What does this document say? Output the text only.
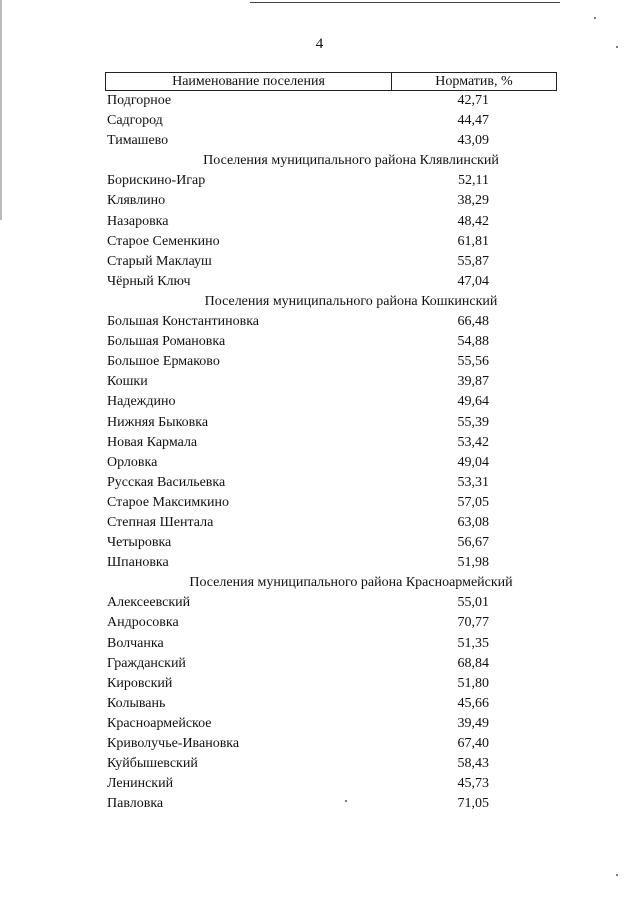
4
Наименование поселения	Норматив, %
Подгорное	42,71
Садгород	44,47
Тимашево	43,09
Поселения муниципального района Клявлинский
Борискино-Игар	52,11
Клявлино	38,29
Назаровка	48,42
Старое Семенкино	61,81
Старый Маклауш	55,87
Чёрный Ключ	47,04
Поселения муниципального района Кошкинский
Большая Константиновка	66,48
Большая Романовка	54,88
Большое Ермаково	55,56
Кошки	39,87
Надеждино	49,64
Нижняя Быковка	55,39
Новая Кармала	53,42
Орловка	49,04
Русская Васильевка	53,31
Старое Максимкино	57,05
Степная Шентала	63,08
Четыровка	56,67
Шпановка	51,98
Поселения муниципального района Красноармейский
Алексеевский	55,01
Андросовка	70,77
Волчанка	51,35
Гражданский	68,84
Кировский	51,80
Колывань	45,66
Красноармейское	39,49
Криволучье-Ивановка	67,40
Куйбышевский	58,43
Ленинский	45,73
Павловка	71,05
